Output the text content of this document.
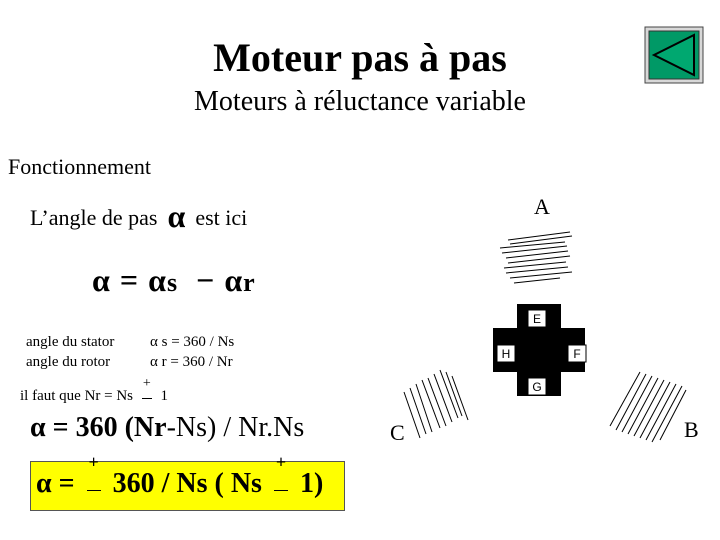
Moteur pas à pas
Moteurs à réluctance variable
Fonctionnement
L’angle de pas α est ici
α = αs − αr
angle du stator
angle du rotor
α s = 360 / Ns
α r = 360 / Nr
il faut que Nr = Ns
+
1
α = 360 (Nr-Ns) / Nr.Ns
α =
+
360 / Ns ( Ns
+
1)
E
H	F
G
A
C	B
